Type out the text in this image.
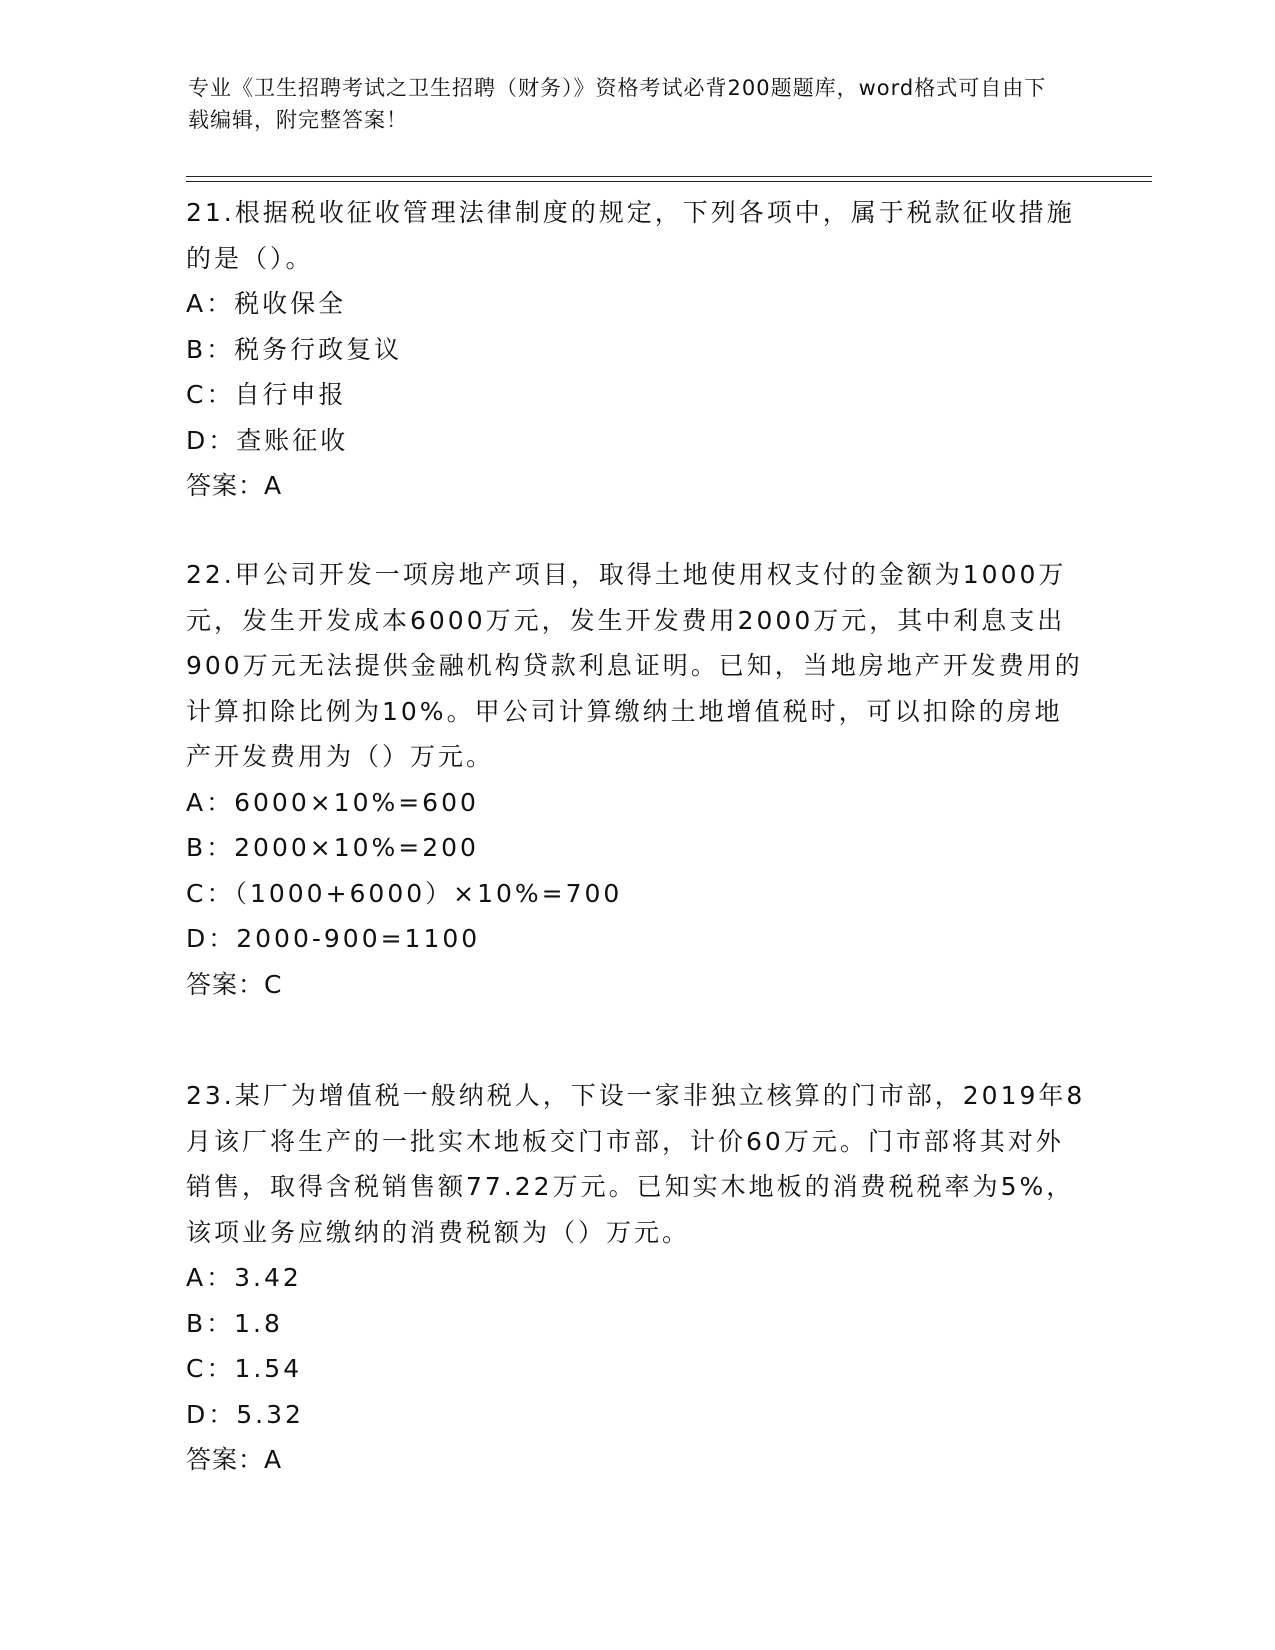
专业《卫生招聘考试之卫生招聘（财务）》资格考试必背200题题库，word格式可自由下载编辑，附完整答案！
21.根据税收征收管理法律制度的规定，下列各项中，属于税款征收措施的是（）。
A：税收保全
B：税务行政复议
C：自行申报
D：查账征收
答案：A
22.甲公司开发一项房地产项目，取得土地使用权支付的金额为1000万元，发生开发成本6000万元，发生开发费用2000万元，其中利息支出900万元无法提供金融机构贷款利息证明。已知，当地房地产开发费用的计算扣除比例为10%。甲公司计算缴纳土地增值税时，可以扣除的房地产开发费用为（）万元。
A：6000×10%=600
B：2000×10%=200
C：（1000+6000）×10%=700
D：2000-900=1100
答案：C
23.某厂为增值税一般纳税人，下设一家非独立核算的门市部，2019年8月该厂将生产的一批实木地板交门市部，计价60万元。门市部将其对外销售，取得含税销售额77.22万元。已知实木地板的消费税税率为5%，该项业务应缴纳的消费税额为（）万元。
A：3.42
B：1.8
C：1.54
D：5.32
答案：A
